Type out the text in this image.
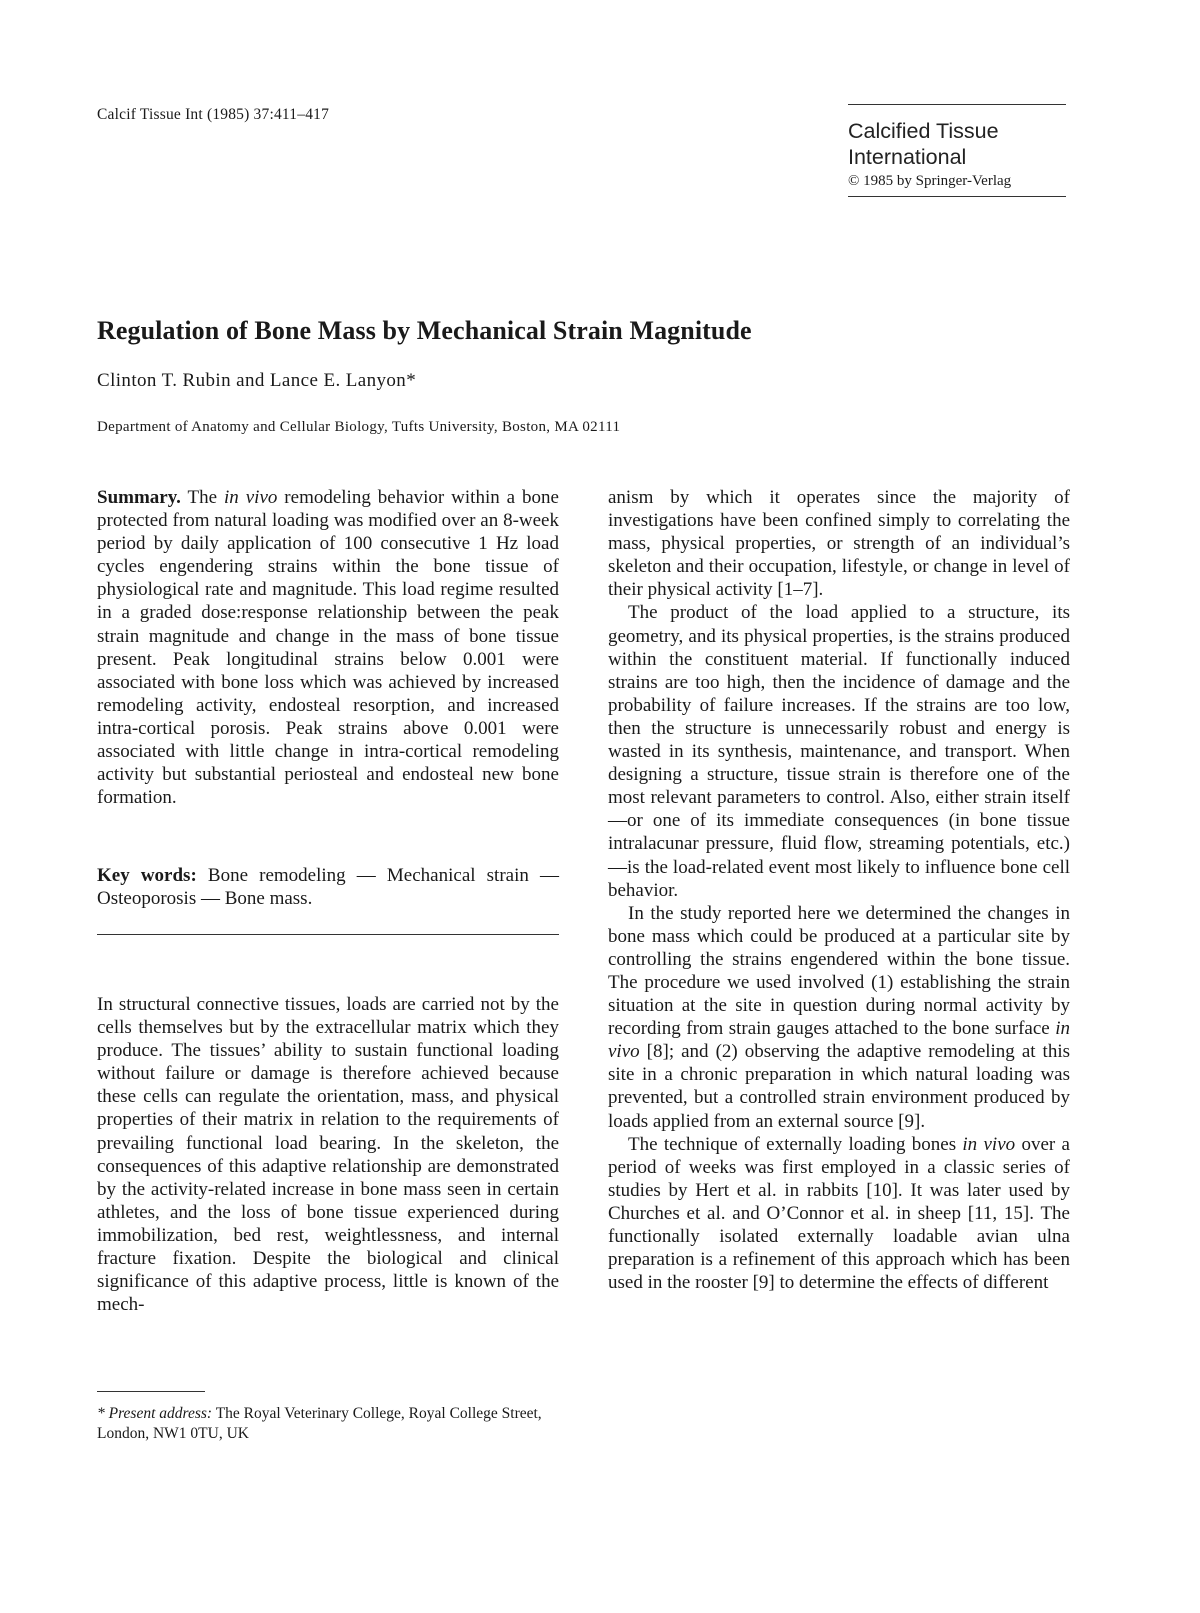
Calcif Tissue Int (1985) 37:411–417
Calcified Tissue
International
© 1985 by Springer-Verlag
Regulation of Bone Mass by Mechanical Strain Magnitude
Clinton T. Rubin and Lance E. Lanyon*
Department of Anatomy and Cellular Biology, Tufts University, Boston, MA 02111

Summary. The in vivo remodeling behavior within a bone protected from natural loading was modified over an 8-week period by daily application of 100 consecutive 1 Hz load cycles engendering strains within the bone tissue of physiological rate and magnitude. This load regime resulted in a graded dose:response relationship between the peak strain magnitude and change in the mass of bone tissue present. Peak longitudinal strains below 0.001 were associated with bone loss which was achieved by increased remodeling activity, endosteal resorption, and increased intra-cortical porosis. Peak strains above 0.001 were associated with little change in intra-cortical remodeling activity but substantial periosteal and endosteal new bone formation.

Key words: Bone remodeling — Mechanical strain — Osteoporosis — Bone mass.

In structural connective tissues, loads are carried not by the cells themselves but by the extracellular matrix which they produce. The tissues’ ability to sustain functional loading without failure or damage is therefore achieved because these cells can regulate the orientation, mass, and physical properties of their matrix in relation to the requirements of prevailing functional load bearing. In the skeleton, the consequences of this adaptive relationship are demonstrated by the activity-related increase in bone mass seen in certain athletes, and the loss of bone tissue experienced during immobilization, bed rest, weightlessness, and internal fracture fixation. Despite the biological and clinical significance of this adaptive process, little is known of the mech-

* Present address: The Royal Veterinary College, Royal College Street, London, NW1 0TU, UK

anism by which it operates since the majority of investigations have been confined simply to correlating the mass, physical properties, or strength of an individual’s skeleton and their occupation, lifestyle, or change in level of their physical activity [1–7].

The product of the load applied to a structure, its geometry, and its physical properties, is the strains produced within the constituent material. If functionally induced strains are too high, then the incidence of damage and the probability of failure increases. If the strains are too low, then the structure is unnecessarily robust and energy is wasted in its synthesis, maintenance, and transport. When designing a structure, tissue strain is therefore one of the most relevant parameters to control. Also, either strain itself—or one of its immediate consequences (in bone tissue intralacunar pressure, fluid flow, streaming potentials, etc.)—is the load-related event most likely to influence bone cell behavior.

In the study reported here we determined the changes in bone mass which could be produced at a particular site by controlling the strains engendered within the bone tissue. The procedure we used involved (1) establishing the strain situation at the site in question during normal activity by recording from strain gauges attached to the bone surface in vivo [8]; and (2) observing the adaptive remodeling at this site in a chronic preparation in which natural loading was prevented, but a controlled strain environment produced by loads applied from an external source [9].

The technique of externally loading bones in vivo over a period of weeks was first employed in a classic series of studies by Hert et al. in rabbits [10]. It was later used by Churches et al. and O’Connor et al. in sheep [11, 15]. The functionally isolated externally loadable avian ulna preparation is a refinement of this approach which has been used in the rooster [9] to determine the effects of different
